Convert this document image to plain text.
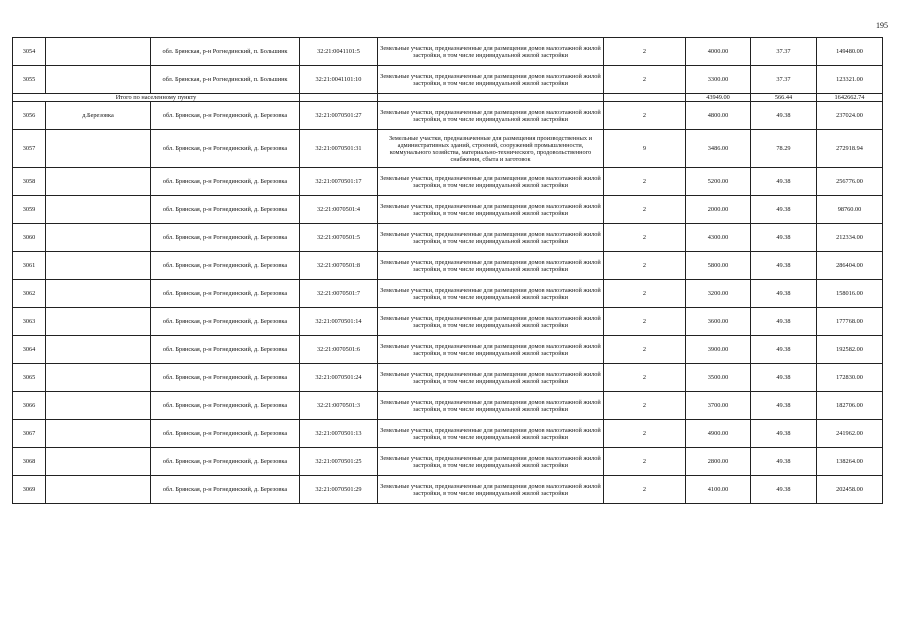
195
3054		обл. Брянская, р-н Рогнединский, п. Большинк	32:21:0041101:5	Земельные участки, предназначенные для размещения домов малоэтажной жилой застройки, в том числе индивидуальной жилой застройки	2	4000.00	37.37	149480.00
3055		обл. Брянская, р-н Рогнединский, п. Большинк	32:21:0041101:10	Земельные участки, предназначенные для размещения домов малоэтажной жилой застройки, в том числе индивидуальной жилой застройки	2	3300.00	37.37	123321.00
Итого по населенному пункту						43949.00	566.44	1642662.74
3056	д.Березовка	обл. Брянская, р-н Рогнединский, д. Березовка	32:21:0070501:27	Земельные участки, предназначенные для размещения домов малоэтажной жилой застройки, в том числе индивидуальной жилой застройки	2	4800.00	49.38	237024.00
3057		обл. Брянская, р-н Рогнединский, д. Березовка	32:21:0070501:31	Земельные участки, предназначенные для размещения производственных и административных зданий, строений, сооружений промышленности, коммунального хозяйства, материально-технического, продовольственного снабжения, сбыта и заготовок	9	3486.00	78.29	272918.94
3058		обл. Брянская, р-н Рогнединский, д. Березовка	32:21:0070501:17	Земельные участки, предназначенные для размещения домов малоэтажной жилой застройки, в том числе индивидуальной жилой застройки	2	5200.00	49.38	256776.00
3059		обл. Брянская, р-н Рогнединский, д. Березовка	32:21:0070501:4	Земельные участки, предназначенные для размещения домов малоэтажной жилой застройки, в том числе индивидуальной жилой застройки	2	2000.00	49.38	98760.00
3060		обл. Брянская, р-н Рогнединский, д. Березовка	32:21:0070501:5	Земельные участки, предназначенные для размещения домов малоэтажной жилой застройки, в том числе индивидуальной жилой застройки	2	4300.00	49.38	212334.00
3061		обл. Брянская, р-н Рогнединский, д. Березовка	32:21:0070501:8	Земельные участки, предназначенные для размещения домов малоэтажной жилой застройки, в том числе индивидуальной жилой застройки	2	5800.00	49.38	286404.00
3062		обл. Брянская, р-н Рогнединский, д. Березовка	32:21:0070501:7	Земельные участки, предназначенные для размещения домов малоэтажной жилой застройки, в том числе индивидуальной жилой застройки	2	3200.00	49.38	158016.00
3063		обл. Брянская, р-н Рогнединский, д. Березовка	32:21:0070501:14	Земельные участки, предназначенные для размещения домов малоэтажной жилой застройки, в том числе индивидуальной жилой застройки	2	3600.00	49.38	177768.00
3064		обл. Брянская, р-н Рогнединский, д. Березовка	32:21:0070501:6	Земельные участки, предназначенные для размещения домов малоэтажной жилой застройки, в том числе индивидуальной жилой застройки	2	3900.00	49.38	192582.00
3065		обл. Брянская, р-н Рогнединский, д. Березовка	32:21:0070501:24	Земельные участки, предназначенные для размещения домов малоэтажной жилой застройки, в том числе индивидуальной жилой застройки	2	3500.00	49.38	172830.00
3066		обл. Брянская, р-н Рогнединский, д. Березовка	32:21:0070501:3	Земельные участки, предназначенные для размещения домов малоэтажной жилой застройки, в том числе индивидуальной жилой застройки	2	3700.00	49.38	182706.00
3067		обл. Брянская, р-н Рогнединский, д. Березовка	32:21:0070501:13	Земельные участки, предназначенные для размещения домов малоэтажной жилой застройки, в том числе индивидуальной жилой застройки	2	4900.00	49.38	241962.00
3068		обл. Брянская, р-н Рогнединский, д. Березовка	32:21:0070501:25	Земельные участки, предназначенные для размещения домов малоэтажной жилой застройки, в том числе индивидуальной жилой застройки	2	2800.00	49.38	138264.00
3069		обл. Брянская, р-н Рогнединский, д. Березовка	32:21:0070501:29	Земельные участки, предназначенные для размещения домов малоэтажной жилой застройки, в том числе индивидуальной жилой застройки	2	4100.00	49.38	202458.00
